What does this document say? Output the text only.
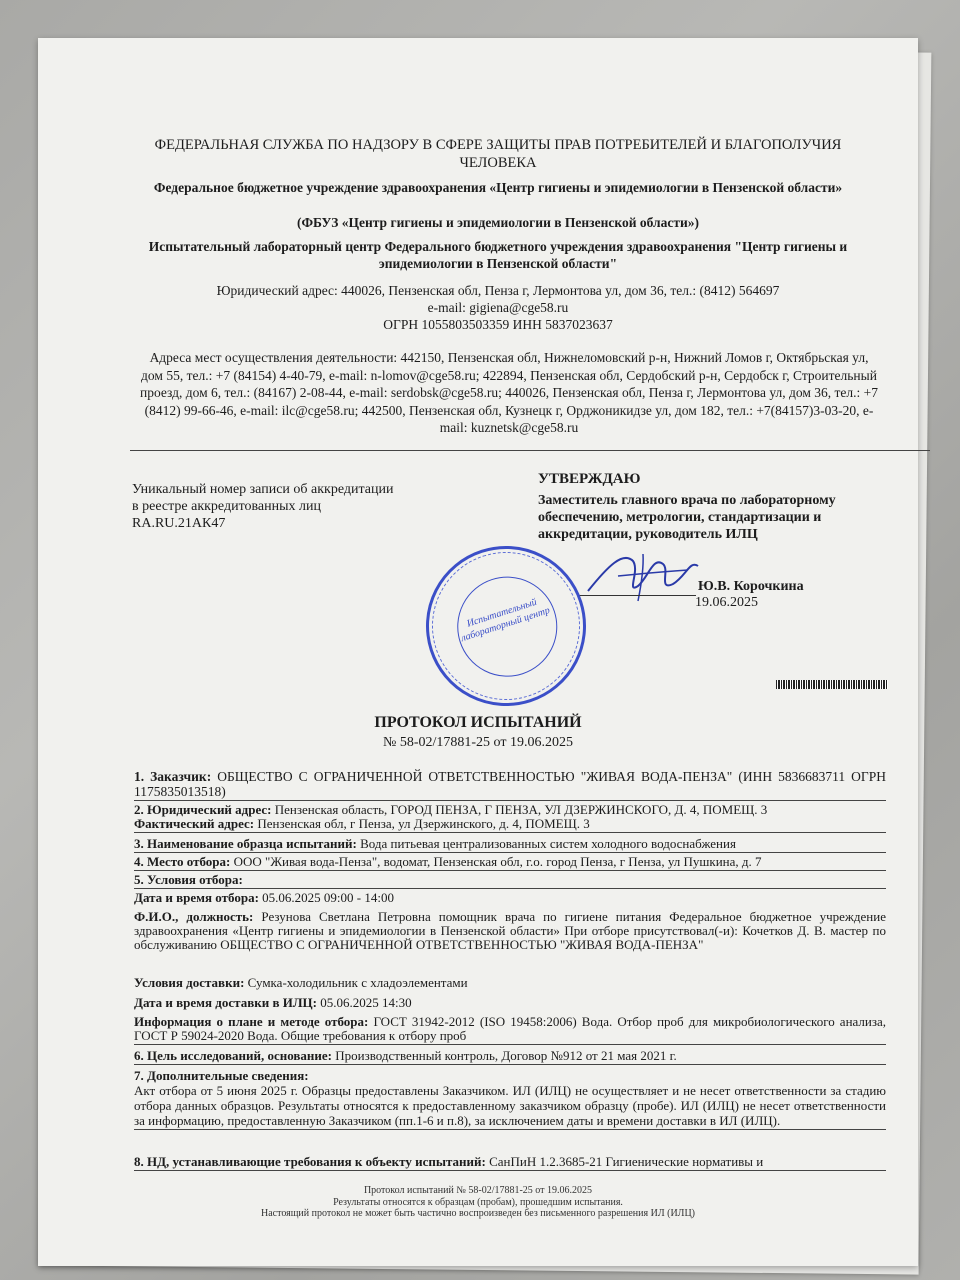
ФЕДЕРАЛЬНАЯ СЛУЖБА ПО НАДЗОРУ В СФЕРЕ ЗАЩИТЫ ПРАВ ПОТРЕБИТЕЛЕЙ И БЛАГОПОЛУЧИЯ
ЧЕЛОВЕКА
Федеральное бюджетное учреждение здравоохранения «Центр гигиены и эпидемиологии в Пензенской области»
(ФБУЗ «Центр гигиены и эпидемиологии в Пензенской области»)
Испытательный лабораторный центр Федерального бюджетного учреждения здравоохранения "Центр гигиены и эпидемиологии в Пензенской области"
Юридический адрес: 440026, Пензенская обл, Пенза г, Лермонтова ул, дом 36, тел.: (8412) 564697
e-mail: gigiena@cge58.ru
ОГРН 1055803503359 ИНН 5837023637
Адреса мест осуществления деятельности: 442150, Пензенская обл, Нижнеломовский р-н, Нижний Ломов г, Октябрьская ул, дом 55, тел.: +7 (84154) 4-40-79, e-mail: n-lomov@cge58.ru; 422894, Пензенская обл, Сердобский р-н, Сердобск г, Строительный проезд, дом 6, тел.: (84167) 2-08-44, e-mail: serdobsk@cge58.ru; 440026, Пензенская обл, Пенза г, Лермонтова ул, дом 36, тел.: +7 (8412) 99-66-46, e-mail: ilc@cge58.ru; 442500, Пензенская обл, Кузнецк г, Орджоникидзе ул, дом 182, тел.: +7(84157)3-03-20, e-mail: kuznetsk@cge58.ru
Уникальный номер записи об аккредитации
в реестре аккредитованных лиц
RA.RU.21АК47
УТВЕРЖДАЮ
Заместитель главного врача по лабораторному обеспечению, метрологии, стандартизации и аккредитации, руководитель ИЛЦ
Ю.В. Корочкина
19.06.2025
Испытательный лабораторный центр
ПРОТОКОЛ ИСПЫТАНИЙ
№ 58-02/17881-25 от 19.06.2025
1. Заказчик: ОБЩЕСТВО С ОГРАНИЧЕННОЙ ОТВЕТСТВЕННОСТЬЮ "ЖИВАЯ ВОДА-ПЕНЗА" (ИНН 5836683711 ОГРН 1175835013518)
2. Юридический адрес: Пензенская область, ГОРОД ПЕНЗА, Г ПЕНЗА, УЛ ДЗЕРЖИНСКОГО, Д. 4, ПОМЕЩ. 3
Фактический адрес: Пензенская обл, г Пенза, ул Дзержинского, д. 4, ПОМЕЩ. 3
3. Наименование образца испытаний: Вода питьевая централизованных систем холодного водоснабжения
4. Место отбора: ООО "Живая вода-Пенза", водомат, Пензенская обл, г.о. город Пенза, г Пенза, ул Пушкина, д. 7
5. Условия отбора:
Дата и время отбора: 05.06.2025 09:00 - 14:00
Ф.И.О., должность: Резунова Светлана Петровна помощник врача по гигиене питания Федеральное бюджетное учреждение здравоохранения «Центр гигиены и эпидемиологии в Пензенской области» При отборе присутствовал(-и): Кочетков Д. В. мастер по обслуживанию ОБЩЕСТВО С ОГРАНИЧЕННОЙ ОТВЕТСТВЕННОСТЬЮ "ЖИВАЯ ВОДА-ПЕНЗА"
Условия доставки: Сумка-холодильник с хладоэлементами
Дата и время доставки в ИЛЦ: 05.06.2025 14:30
Информация о плане и методе отбора: ГОСТ 31942-2012 (ISO 19458:2006) Вода. Отбор проб для микробиологического анализа, ГОСТ Р 59024-2020 Вода. Общие требования к отбору проб
6. Цель исследований, основание: Производственный контроль, Договор №912 от 21 мая 2021 г.
7. Дополнительные сведения:
Акт отбора от 5 июня 2025 г. Образцы предоставлены Заказчиком. ИЛ (ИЛЦ) не осуществляет и не несет ответственности за стадию отбора данных образцов. Результаты относятся к предоставленному заказчиком образцу (пробе). ИЛ (ИЛЦ) не несет ответственности за информацию, предоставленную Заказчиком (пп.1-6 и п.8), за исключением даты и времени доставки в ИЛ (ИЛЦ).
8. НД, устанавливающие требования к объекту испытаний: СанПиН 1.2.3685-21 Гигиенические нормативы и
Протокол испытаний № 58-02/17881-25 от 19.06.2025
Результаты относятся к образцам (пробам), прошедшим испытания.
Настоящий протокол не может быть частично воспроизведен без письменного разрешения ИЛ (ИЛЦ)
